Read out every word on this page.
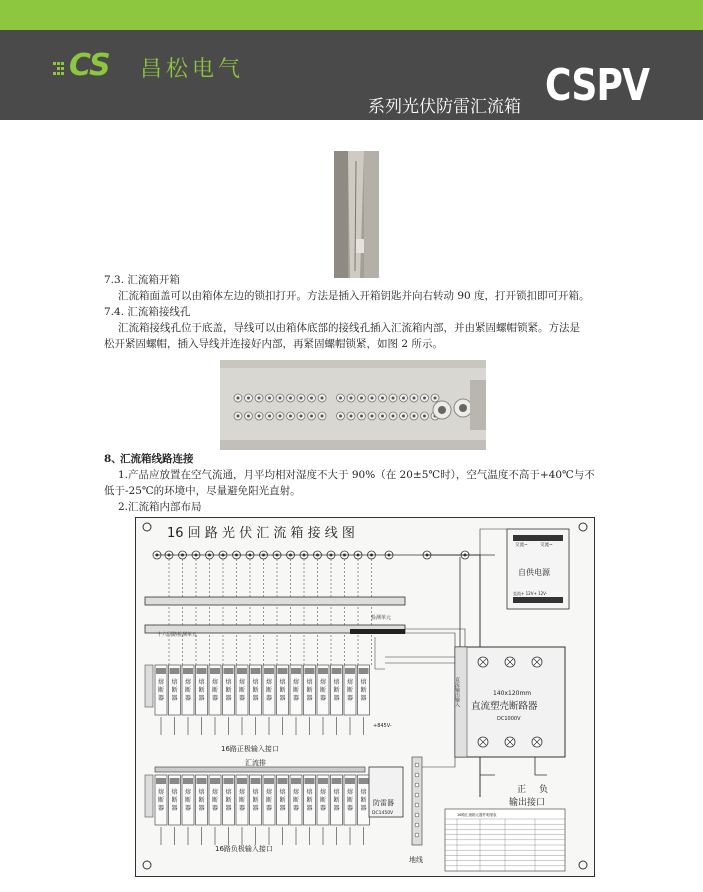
CS 昌松电气
系列光伏防雷汇流箱 CSPV
7.3. 汇流箱开箱
汇流箱面盖可以由箱体左边的锁扣打开。方法是插入开箱钥匙并向右转动 90 度，打开锁扣即可开箱。
7.4. 汇流箱接线孔
汇流箱接线孔位于底盖，导线可以由箱体底部的接线孔插入汇流箱内部，并由紧固螺帽锁紧。方法是
松开紧固螺帽，插入导线并连接好内部，再紧固螺帽锁紧，如图 2 所示。
8、
汇流箱线路连接
1.产品应放置在空气流通，月平均相对湿度不大于 90%（在 20±5℃时），空气温度不高于+40℃与不
低于-25℃的环境中，尽量避免阳光直射。
2.汇流箱内部布局
16 回 路 光 伏 汇 流 箱 接 线 图
十六回路检测单元
检测单元
熔
断
器
熔
断
器
熔
断
器
熔
断
器
熔
断
器
熔
断
器
熔
断
器
熔
断
器
熔
断
器
熔
断
器
熔
断
器
熔
断
器
熔
断
器
熔
断
器
熔
断
器
熔
断
器
熔
断
器
熔
断
器
熔
断
器
熔
断
器
熔
断
器
熔
断
器
熔
断
器
熔
断
器
熔
断
器
熔
断
器
熔
断
器
熔
断
器
熔
断
器
熔
断
器
熔
断
器
熔
断
器
16路正极输入接口
16路负极输入接口
汇流排
+845V-
交流~	交流~
自供电源
直流+ 12V+ 12V-
直流输出输入	140x120mm
直流塑壳断路器
DC1000V
正 负
输出接口
防雷器
DC1450V
地线
16路汇流箱元器件明细表
